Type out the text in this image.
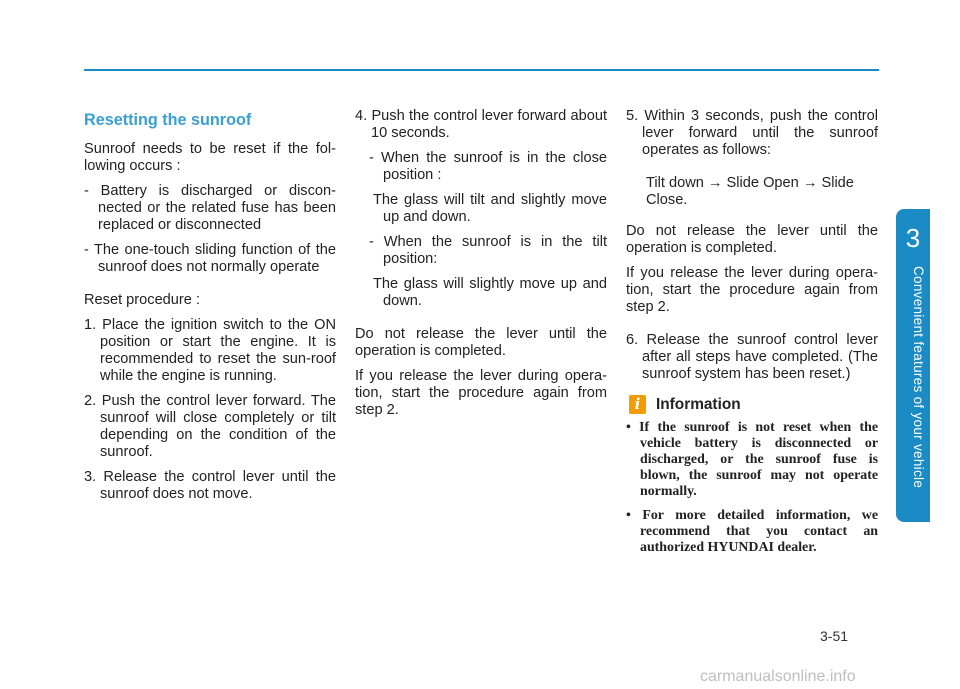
3
Convenient features of your vehicle

Resetting the sunroof

Sunroof needs to be reset if the fol-lowing occurs :

- Battery is discharged or discon-nected or the related fuse has been replaced or disconnected

- The one-touch sliding function of the sunroof does not normally operate

Reset procedure :

1. Place the ignition switch to the ON position or start the engine. It is recommended to reset the sun-roof while the engine is running.

2. Push the control lever forward. The sunroof will close completely or tilt depending on the condition of the sunroof.

3. Release the control lever until the sunroof does not move.

4. Push the control lever forward about 10 seconds.

- When the sunroof is in the close position :

The glass will tilt and slightly move up and down.

- When the sunroof is in the tilt position:

The glass will slightly move up and down.

Do not release the lever until the operation is completed.

If you release the lever during opera-tion, start the procedure again from step 2.

5. Within 3 seconds, push the control lever forward until the sunroof operates as follows:

Tilt down → Slide Open → Slide Close.

Do not release the lever until the operation is completed.

If you release the lever during opera-tion, start the procedure again from step 2.

6. Release the sunroof control lever after all steps have completed. (The sunroof system has been reset.)

i	Information

• If the sunroof is not reset when the vehicle battery is disconnected or discharged, or the sunroof fuse is blown, the sunroof may not operate normally.

• For more detailed information, we recommend that you contact an authorized HYUNDAI dealer.

3-51
carmanualsonline.info
